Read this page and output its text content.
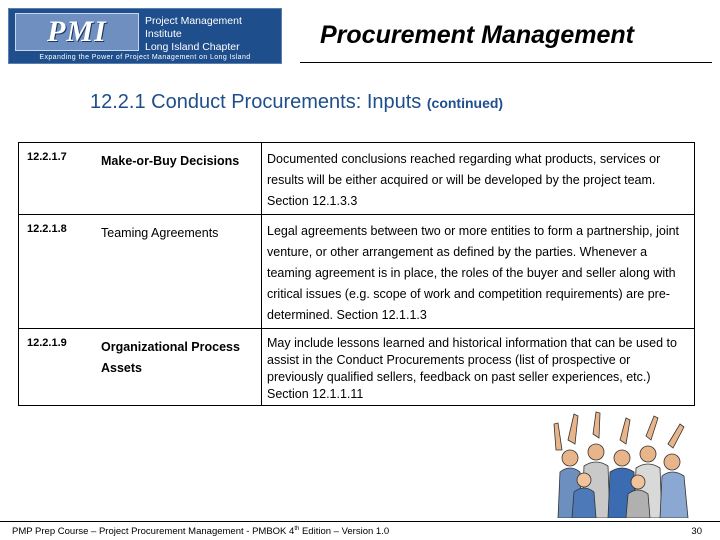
PMI	Project Management Institute
Long Island Chapter
Expanding the Power of Project Management on Long Island
Procurement Management
12.2.1 Conduct Procurements: Inputs (continued)
12.2.1.7	Make-or-Buy Decisions	Documented conclusions reached regarding what products, services or results will be either acquired or will be developed by the project team. Section 12.1.3.3
12.2.1.8	Teaming Agreements	Legal agreements between two or more entities to form a partnership, joint venture, or other arrangement as defined by the parties. Whenever a teaming agreement is in place, the roles of the buyer and seller along with critical issues (e.g. scope of work and competition requirements) are pre-determined. Section 12.1.1.3
12.2.1.9	Organizational Process Assets	May include lessons learned and historical information that can be used to assist in the Conduct Procurements process (list of prospective or previously qualified sellers, feedback on past seller experiences, etc.) Section 12.1.1.11
PMP Prep Course – Project Procurement Management - PMBOK 4th Edition – Version 1.0	30
